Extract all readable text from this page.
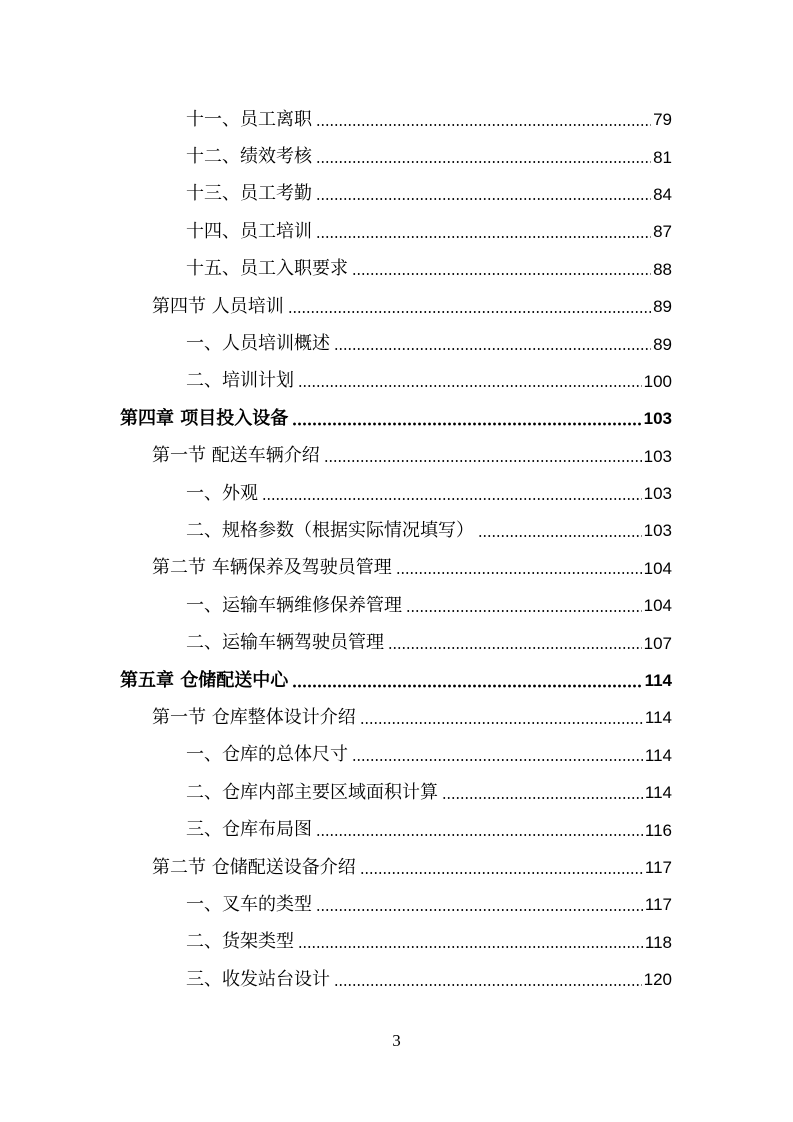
十一、员工离职	79
十二、绩效考核	81
十三、员工考勤	84
十四、员工培训	87
十五、员工入职要求	88
第四节 人员培训	89
一、人员培训概述	89
二、培训计划	100
第四章 项目投入设备	103
第一节 配送车辆介绍	103
一、外观	103
二、规格参数（根据实际情况填写）	103
第二节 车辆保养及驾驶员管理	104
一、运输车辆维修保养管理	104
二、运输车辆驾驶员管理	107
第五章 仓储配送中心	114
第一节 仓库整体设计介绍	114
一、仓库的总体尺寸	114
二、仓库内部主要区域面积计算	114
三、仓库布局图	116
第二节 仓储配送设备介绍	117
一、叉车的类型	117
二、货架类型	118
三、收发站台设计	120
3
